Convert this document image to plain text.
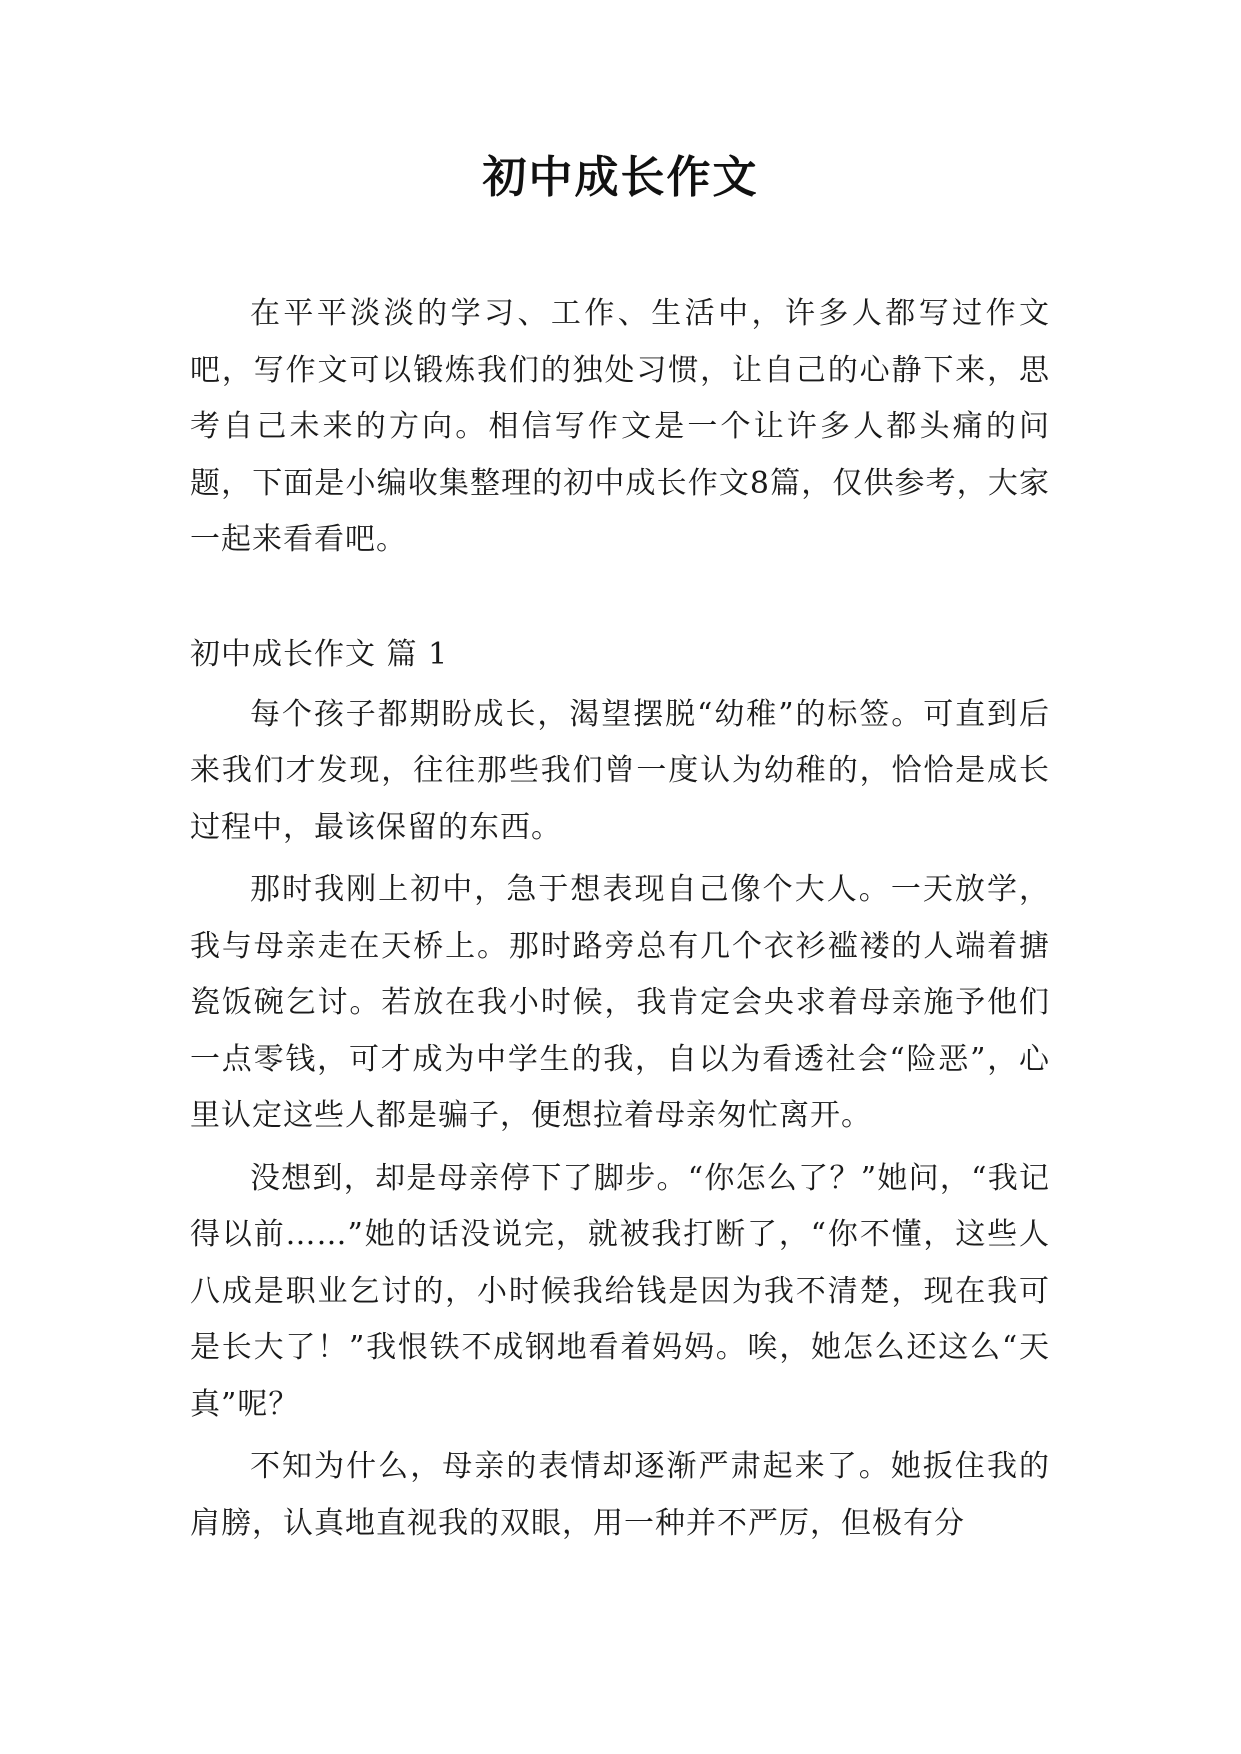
初中成长作文

在平平淡淡的学习、工作、生活中，许多人都写过作文吧，写作文可以锻炼我们的独处习惯，让自己的心静下来，思考自己未来的方向。相信写作文是一个让许多人都头痛的问题，下面是小编收集整理的初中成长作文8篇，仅供参考，大家一起来看看吧。

初中成长作文 篇 1

每个孩子都期盼成长，渴望摆脱“幼稚”的标签。可直到后来我们才发现，往往那些我们曾一度认为幼稚的，恰恰是成长过程中，最该保留的东西。

那时我刚上初中，急于想表现自己像个大人。一天放学，我与母亲走在天桥上。那时路旁总有几个衣衫褴褛的人端着搪瓷饭碗乞讨。若放在我小时候，我肯定会央求着母亲施予他们一点零钱，可才成为中学生的我，自以为看透社会“险恶”，心里认定这些人都是骗子，便想拉着母亲匆忙离开。

没想到，却是母亲停下了脚步。“你怎么了？”她问，“我记得以前……”她的话没说完，就被我打断了，“你不懂，这些人八成是职业乞讨的，小时候我给钱是因为我不清楚，现在我可是长大了！”我恨铁不成钢地看着妈妈。唉，她怎么还这么“天真”呢？

不知为什么，母亲的表情却逐渐严肃起来了。她扳住我的肩膀，认真地直视我的双眼，用一种并不严厉，但极有分
